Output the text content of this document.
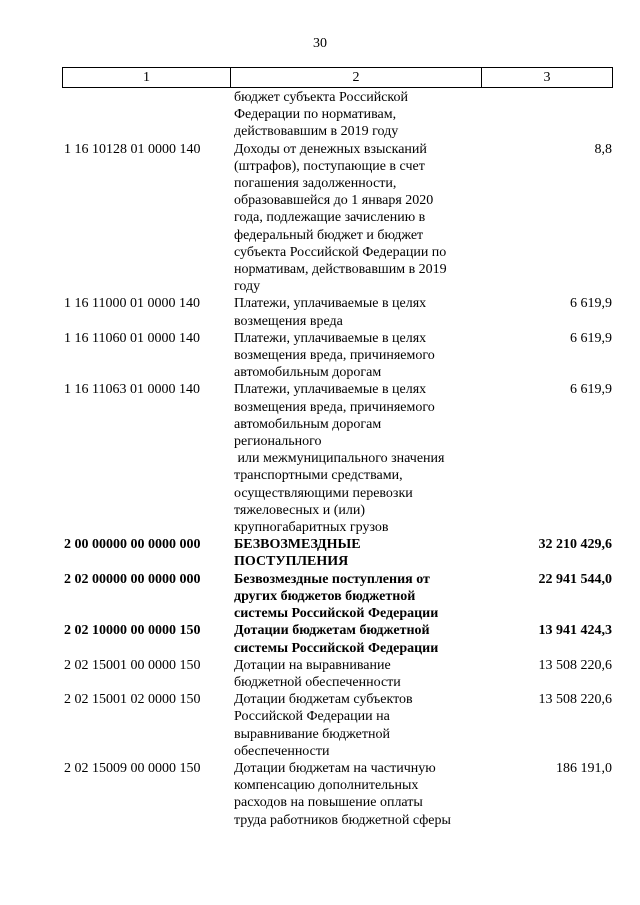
30
1	2	3
бюджет субъекта Российской
Федерации по нормативам,
действовавшим в 2019 году
1 16 10128 01 0000 140	Доходы от денежных взысканий
(штрафов), поступающие в счет
погашения задолженности,
образовавшейся до 1 января 2020
года, подлежащие зачислению в
федеральный бюджет и бюджет
субъекта Российской Федерации по
нормативам, действовавшим в 2019
году
8,8
1 16 11000 01 0000 140	Платежи, уплачиваемые в целях
возмещения вреда
6 619,9
1 16 11060 01 0000 140	Платежи, уплачиваемые в целях
возмещения вреда, причиняемого
автомобильным дорогам
6 619,9
1 16 11063 01 0000 140	Платежи, уплачиваемые в целях
возмещения вреда, причиняемого
автомобильным дорогам
регионального
или межмуниципального значения
транспортными средствами,
осуществляющими перевозки
тяжеловесных и (или)
крупногабаритных грузов
6 619,9
2 00 00000 00 0000 000	БЕЗВОЗМЕЗДНЫЕ
ПОСТУПЛЕНИЯ
32 210 429,6
2 02 00000 00 0000 000	Безвозмездные поступления от
других бюджетов бюджетной
системы Российской Федерации
22 941 544,0
2 02 10000 00 0000 150	Дотации бюджетам бюджетной
системы Российской Федерации
13 941 424,3
2 02 15001 00 0000 150	Дотации на выравнивание
бюджетной обеспеченности
13 508 220,6
2 02 15001 02 0000 150	Дотации бюджетам субъектов
Российской Федерации на
выравнивание бюджетной
обеспеченности
13 508 220,6
2 02 15009 00 0000 150	Дотации бюджетам на частичную
компенсацию дополнительных
расходов на повышение оплаты
труда работников бюджетной сферы
186 191,0
